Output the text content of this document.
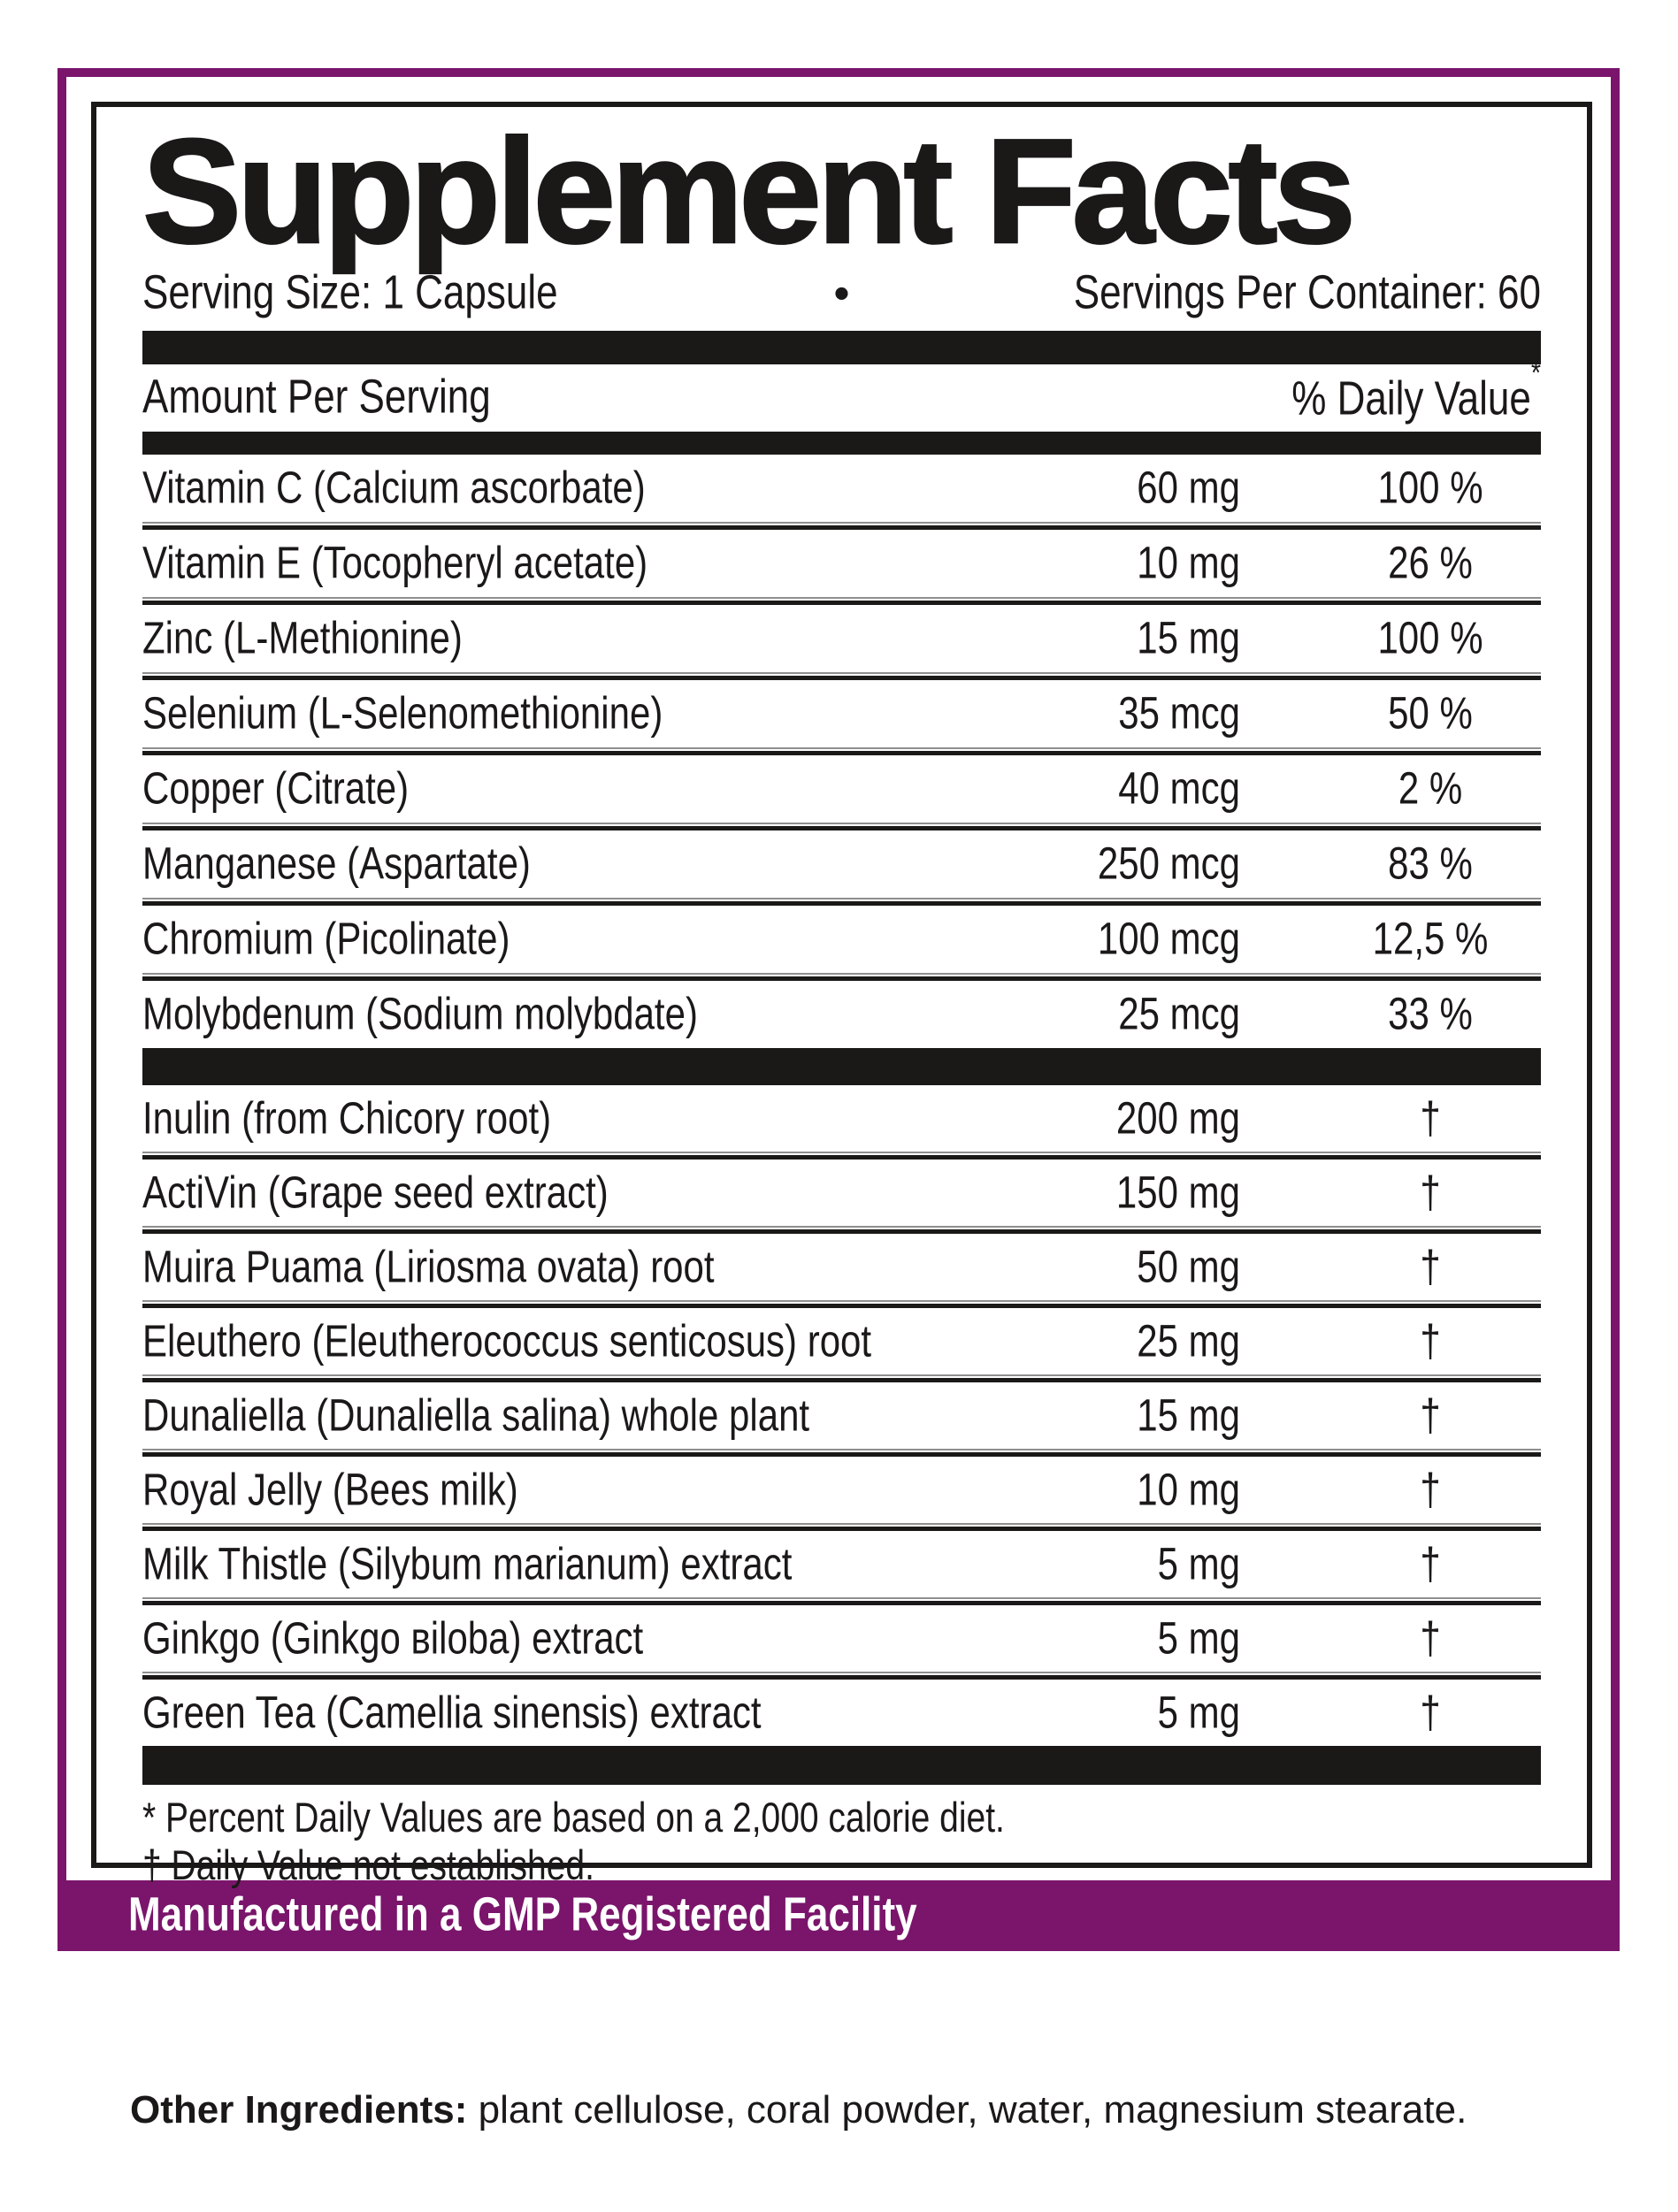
Supplement Facts
Serving Size: 1 Capsule	•	Servings Per Container: 60
Amount Per Serving	% Daily Value*
Vitamin C (Calcium ascorbate)	60 mg	100 %
Vitamin E (Tocopheryl acetate)	10 mg	26 %
Zinc (L-Methionine)	15 mg	100 %
Selenium (L-Selenomethionine)	35 mcg	50 %
Copper (Citrate)	40 mcg	2 %
Manganese (Aspartate)	250 mcg	83 %
Chromium (Picolinate)	100 mcg	12,5 %
Molybdenum (Sodium molybdate)	25 mcg	33 %
Inulin (from Chicory root)	200 mg	†
ActiVin (Grape seed extract)	150 mg	†
Muira Puama (Liriosma ovata) root	50 mg	†
Eleuthero (Eleutherococcus senticosus) root	25 mg	†
Dunaliella (Dunaliella salina) whole plant	15 mg	†
Royal Jelly (Bees milk)	10 mg	†
Milk Thistle (Silybum marianum) extract	5 mg	†
Ginkgo (Ginkgo вiloba) extract	5 mg	†
Green Tea (Camellia sinensis) extract	5 mg	†
* Percent Daily Values are based on a 2,000 calorie diet.
† Daily Value not established.
Manufactured in a GMP Registered Facility

Other Ingredients: plant cellulose, coral powder, water, magnesium stearate.
